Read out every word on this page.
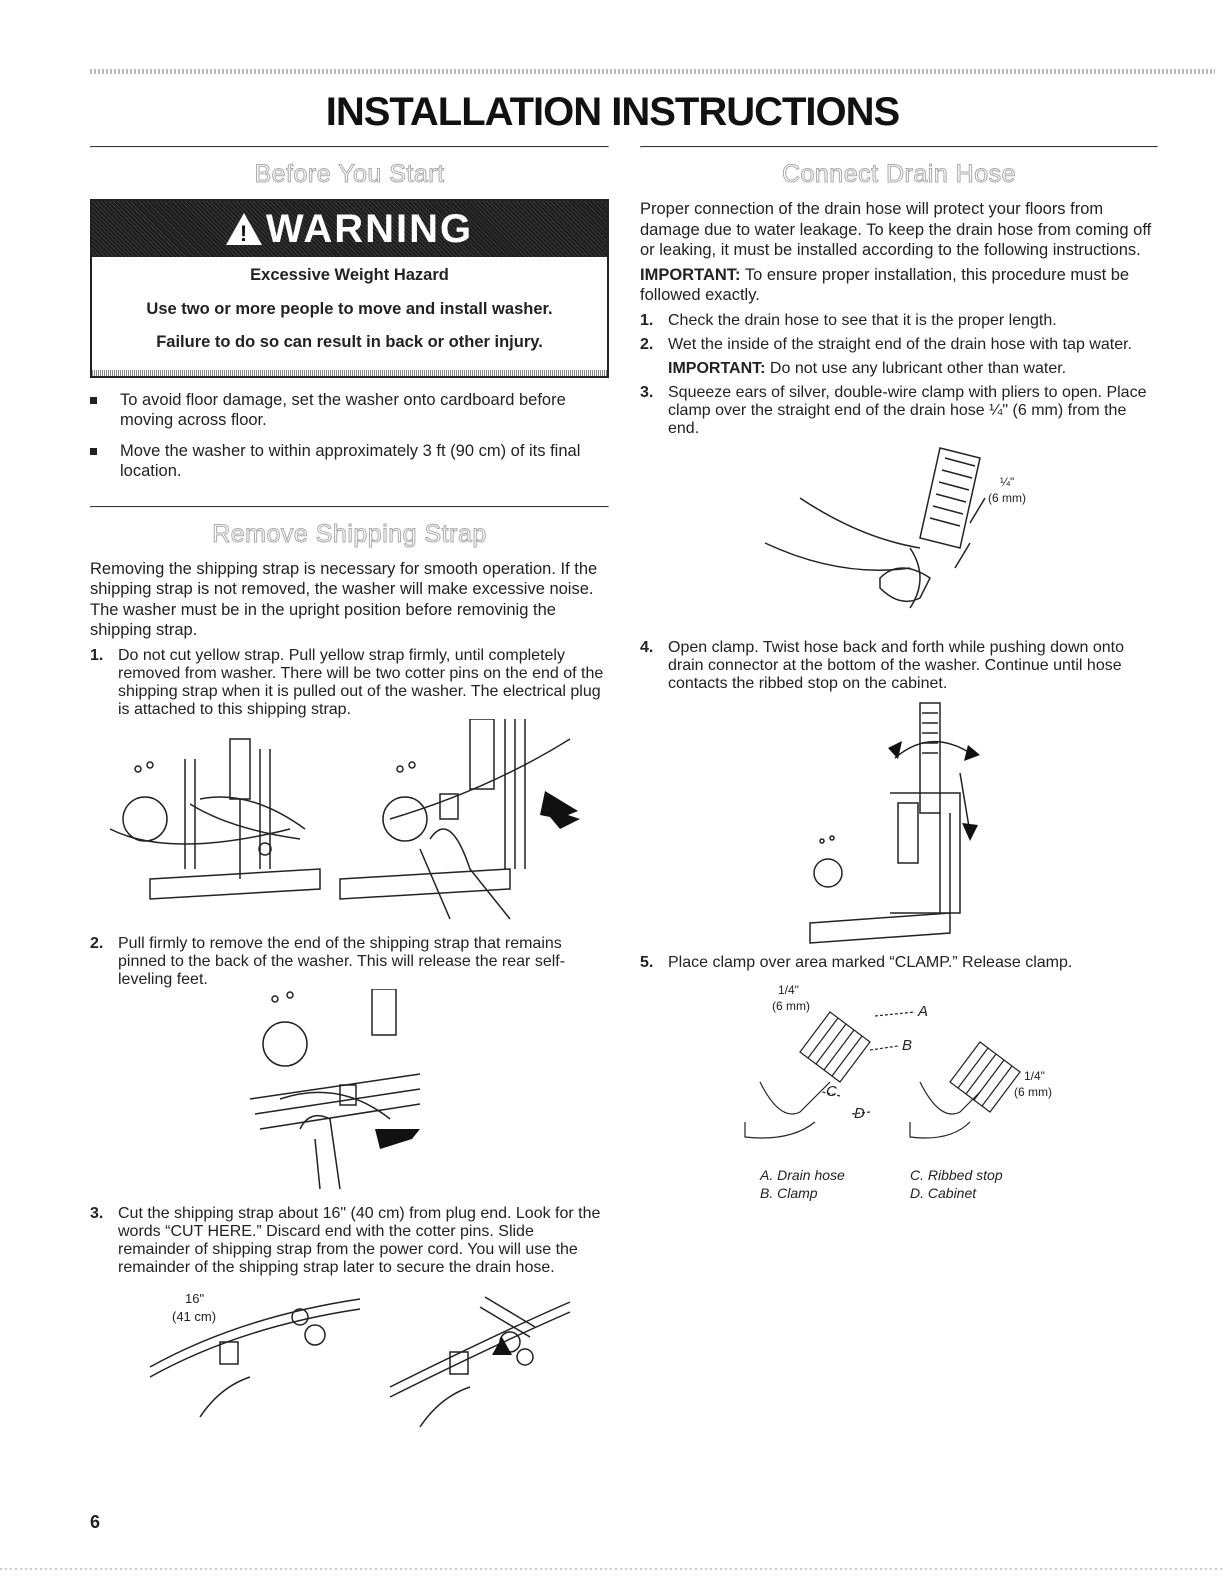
INSTALLATION INSTRUCTIONS
Before You Start
! WARNING

Excessive Weight Hazard

Use two or more people to move and install washer.

Failure to do so can result in back or other injury.

To avoid floor damage, set the washer onto cardboard before moving across floor.
Move the washer to within approximately 3 ft (90 cm) of its final location.
Remove Shipping Strap

Removing the shipping strap is necessary for smooth operation. If the shipping strap is not removed, the washer will make excessive noise. The washer must be in the upright position before removinig the shipping strap.

1. Do not cut yellow strap. Pull yellow strap firmly, until completely removed from washer. There will be two cotter pins on the end of the shipping strap when it is pulled out of the washer. The electrical plug is attached to this shipping strap.
2. Pull firmly to remove the end of the shipping strap that remains pinned to the back of the washer. This will release the rear self-leveling feet.
3. Cut the shipping strap about 16" (40 cm) from plug end. Look for the words “CUT HERE.” Discard end with the cotter pins. Slide remainder of shipping strap from the power cord. You will use the remainder of the shipping strap later to secure the drain hose.
16"
(41 cm)
Connect Drain Hose

Proper connection of the drain hose will protect your floors from damage due to water leakage. To keep the drain hose from coming off or leaking, it must be installed according to the following instructions.

IMPORTANT: To ensure proper installation, this procedure must be followed exactly.

1. Check the drain hose to see that it is the proper length.
2. Wet the inside of the straight end of the drain hose with tap water.
IMPORTANT: Do not use any lubricant other than water.
3. Squeeze ears of silver, double-wire clamp with pliers to open. Place clamp over the straight end of the drain hose ¼" (6 mm) from the end.
¼"
(6 mm)
4. Open clamp. Twist hose back and forth while pushing down onto drain connector at the bottom of the washer. Continue until hose contacts the ribbed stop on the cabinet.
5. Place clamp over area marked “CLAMP.” Release clamp.
1/4"
(6 mm)
1/4"
(6 mm)
A
B
C
D
A. Drain hose	C. Ribbed stop
B. Clamp	D. Cabinet
6
